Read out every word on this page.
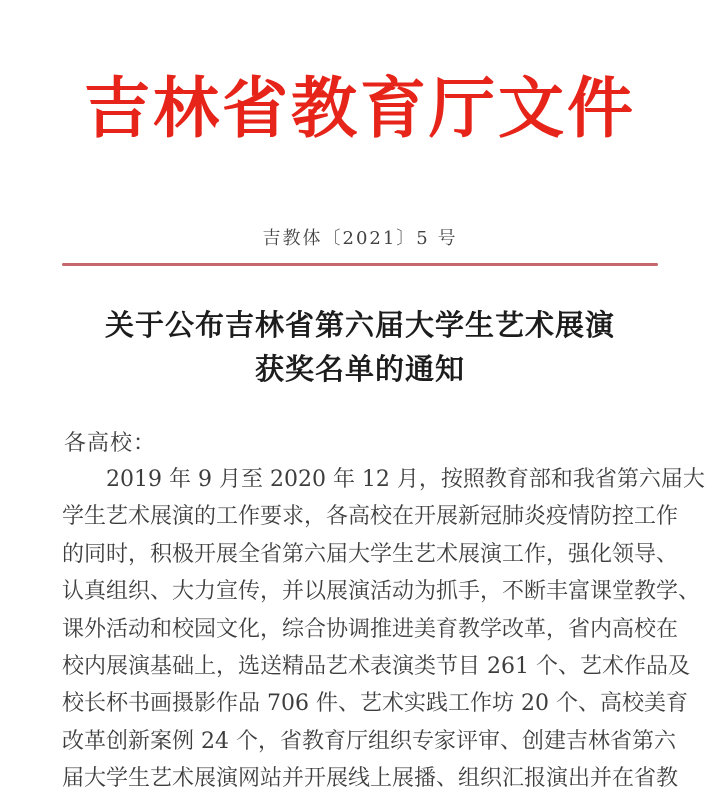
吉林省教育厅文件
吉教体〔2021〕5 号
关于公布吉林省第六届大学生艺术展演
获奖名单的通知
各高校：
2019 年 9 月至 2020 年 12 月，按照教育部和我省第六届大
学生艺术展演的工作要求，各高校在开展新冠肺炎疫情防控工作
的同时，积极开展全省第六届大学生艺术展演工作，强化领导、
认真组织、大力宣传，并以展演活动为抓手，不断丰富课堂教学、
课外活动和校园文化，综合协调推进美育教学改革，省内高校在
校内展演基础上，选送精品艺术表演类节目 261 个、艺术作品及
校长杯书画摄影作品 706 件、艺术实践工作坊 20 个、高校美育
改革创新案例 24 个，省教育厅组织专家评审、创建吉林省第六
届大学生艺术展演网站并开展线上展播、组织汇报演出并在省教
